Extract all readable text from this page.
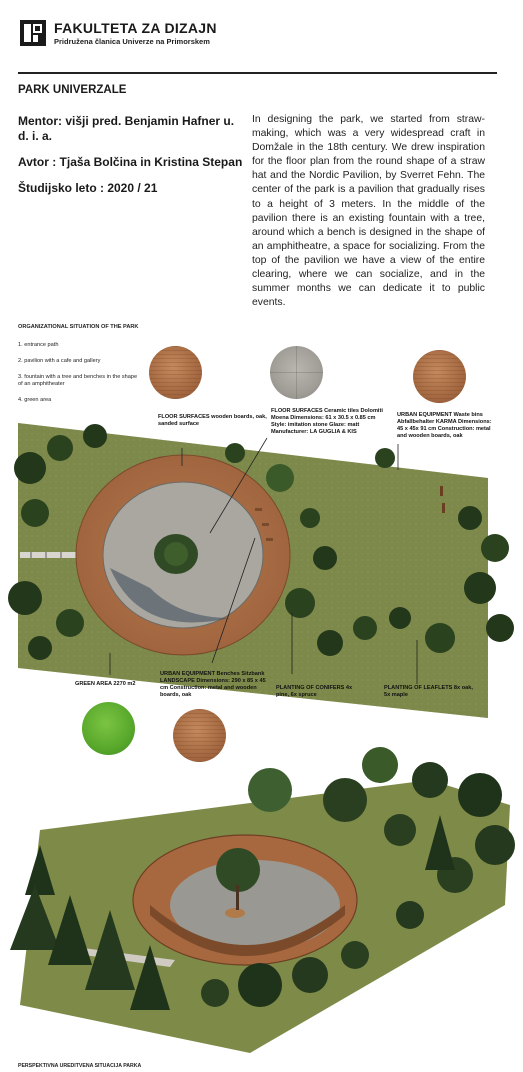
FAKULTETA ZA DIZAJN
Pridružena članica Univerze na Primorskem
PARK UNIVERZALE
Mentor: višji pred. Benjamin Hafner u. d. i. a.
Avtor : Tjaša Bolčina in Kristina Stepan
Študijsko leto : 2020 / 21
In designing the park, we started from straw-making, which was a very widespread craft in Domžale in the 18th century. We drew inspiration for the floor plan from the round shape of a straw hat and the Nordic Pavilion, by Sverret Fehn. The center of the park is a pavilion that gradually rises to a height of 3 meters. In the middle of the pavilion there is an existing fountain with a tree, around which a bench is designed in the shape of an amphitheatre, a space for socializing. From the top of the pavilion we have a view of the entire clearing, where we can socialize, and in the summer months we can dedicate it to public events.
ORGANIZATIONAL SITUATION OF THE PARK
1. entrance path
2. pavilion with a cafe and gallery
3. fountain with a tree and benches in the shape of an amphitheater
4. green area
FLOOR SURFACES wooden boards, oak, sanded surface
FLOOR SURFACES Ceramic tiles Dolomiti Moena Dimensions: 61 x 30.5 x 0.85 cm Style: imitation stone Glaze: matt Manufacturer: LA GUGLIA & KIS
URBAN EQUIPMENT Waste bins Abfallbehalter KARMA Dimensions: 45 x 45x 91 cm Construction: metal and wooden boards, oak
GREEN AREA 2270 m2
URBAN EQUIPMENT Benches Sitzbank LANDSCAPE Dimensions: 290 x 85 x 45 cm Construction: metal and wooden boards, oak
PLANTING OF CONIFERS 4x pine, 6x spruce
PLANTING OF LEAFLETS 8x oak, 5x maple
PERSPEKTIVNA UREDITVENA SITUACIJA PARKA
